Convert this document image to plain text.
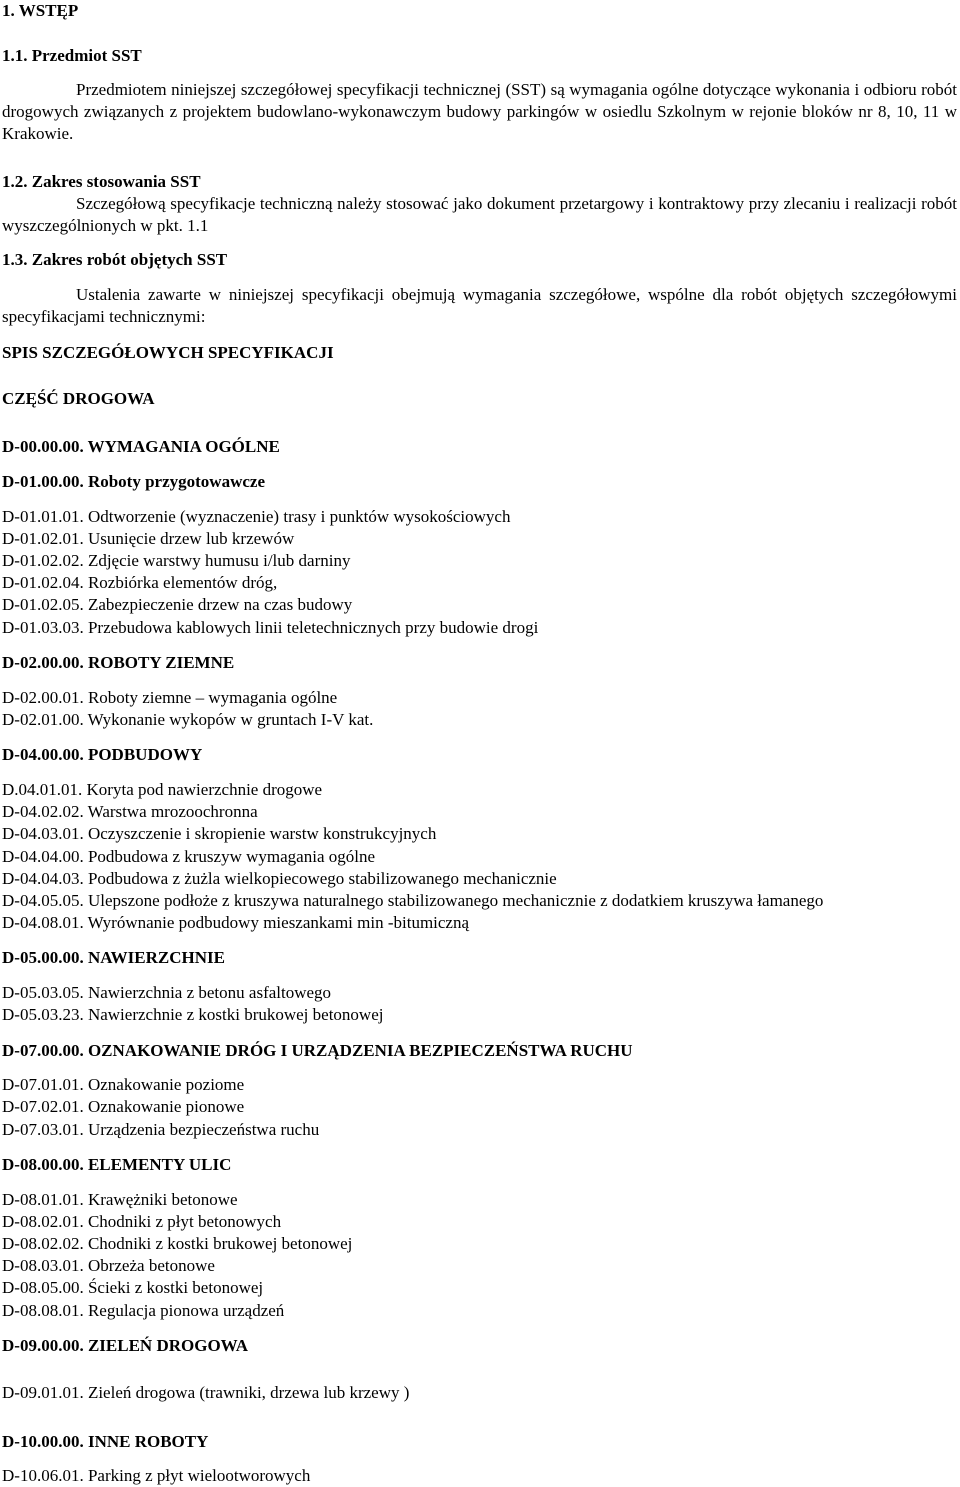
1. WSTĘP
1.1. Przedmiot SST
Przedmiotem niniejszej szczegółowej specyfikacji technicznej (SST) są wymagania ogólne dotyczące wykonania i odbioru robót drogowych związanych z projektem budowlano-wykonawczym budowy parkingów w osiedlu Szkolnym w rejonie bloków nr 8, 10, 11 w Krakowie.
1.2. Zakres stosowania SST
Szczegółową specyfikacje techniczną należy stosować jako dokument przetargowy i kontraktowy przy zlecaniu i realizacji robót wyszczególnionych w pkt. 1.1
1.3. Zakres robót objętych SST
Ustalenia zawarte w niniejszej specyfikacji obejmują wymagania szczegółowe, wspólne dla robót objętych szczegółowymi specyfikacjami technicznymi:
SPIS SZCZEGÓŁOWYCH SPECYFIKACJI
CZĘŚĆ DROGOWA
D-00.00.00. WYMAGANIA OGÓLNE
D-01.00.00. Roboty przygotowawcze
D-01.01.01. Odtworzenie (wyznaczenie) trasy i punktów wysokościowych
D-01.02.01. Usunięcie drzew lub krzewów
D-01.02.02. Zdjęcie warstwy humusu i/lub darniny
D-01.02.04. Rozbiórka elementów dróg,
D-01.02.05. Zabezpieczenie drzew na czas budowy
D-01.03.03. Przebudowa kablowych linii teletechnicznych przy budowie drogi
D-02.00.00. ROBOTY ZIEMNE
D-02.00.01. Roboty ziemne – wymagania ogólne
D-02.01.00. Wykonanie wykopów w gruntach I-V kat.
D-04.00.00. PODBUDOWY
D.04.01.01. Koryta pod nawierzchnie drogowe
D-04.02.02. Warstwa mrozoochronna
D-04.03.01. Oczyszczenie i skropienie warstw konstrukcyjnych
D-04.04.00. Podbudowa z kruszyw wymagania ogólne
D-04.04.03. Podbudowa z żużla wielkopiecowego stabilizowanego mechanicznie
D-04.05.05. Ulepszone podłoże z kruszywa naturalnego stabilizowanego mechanicznie z dodatkiem kruszywa łamanego
D-04.08.01. Wyrównanie podbudowy mieszankami min -bitumiczną
D-05.00.00. NAWIERZCHNIE
D-05.03.05. Nawierzchnia z betonu asfaltowego
D-05.03.23. Nawierzchnie z kostki brukowej betonowej
D-07.00.00. OZNAKOWANIE DRÓG I URZĄDZENIA BEZPIECZEŃSTWA RUCHU
D-07.01.01. Oznakowanie poziome
D-07.02.01. Oznakowanie pionowe
D-07.03.01. Urządzenia bezpieczeństwa ruchu
D-08.00.00. ELEMENTY ULIC
D-08.01.01. Krawężniki betonowe
D-08.02.01. Chodniki z płyt betonowych
D-08.02.02. Chodniki z kostki brukowej betonowej
D-08.03.01. Obrzeża betonowe
D-08.05.00. Ścieki z kostki betonowej
D-08.08.01. Regulacja pionowa urządzeń
D-09.00.00. ZIELEŃ DROGOWA
D-09.01.01. Zieleń drogowa (trawniki, drzewa lub krzewy )
D-10.00.00. INNE ROBOTY
D-10.06.01. Parking z płyt wielootworowych
